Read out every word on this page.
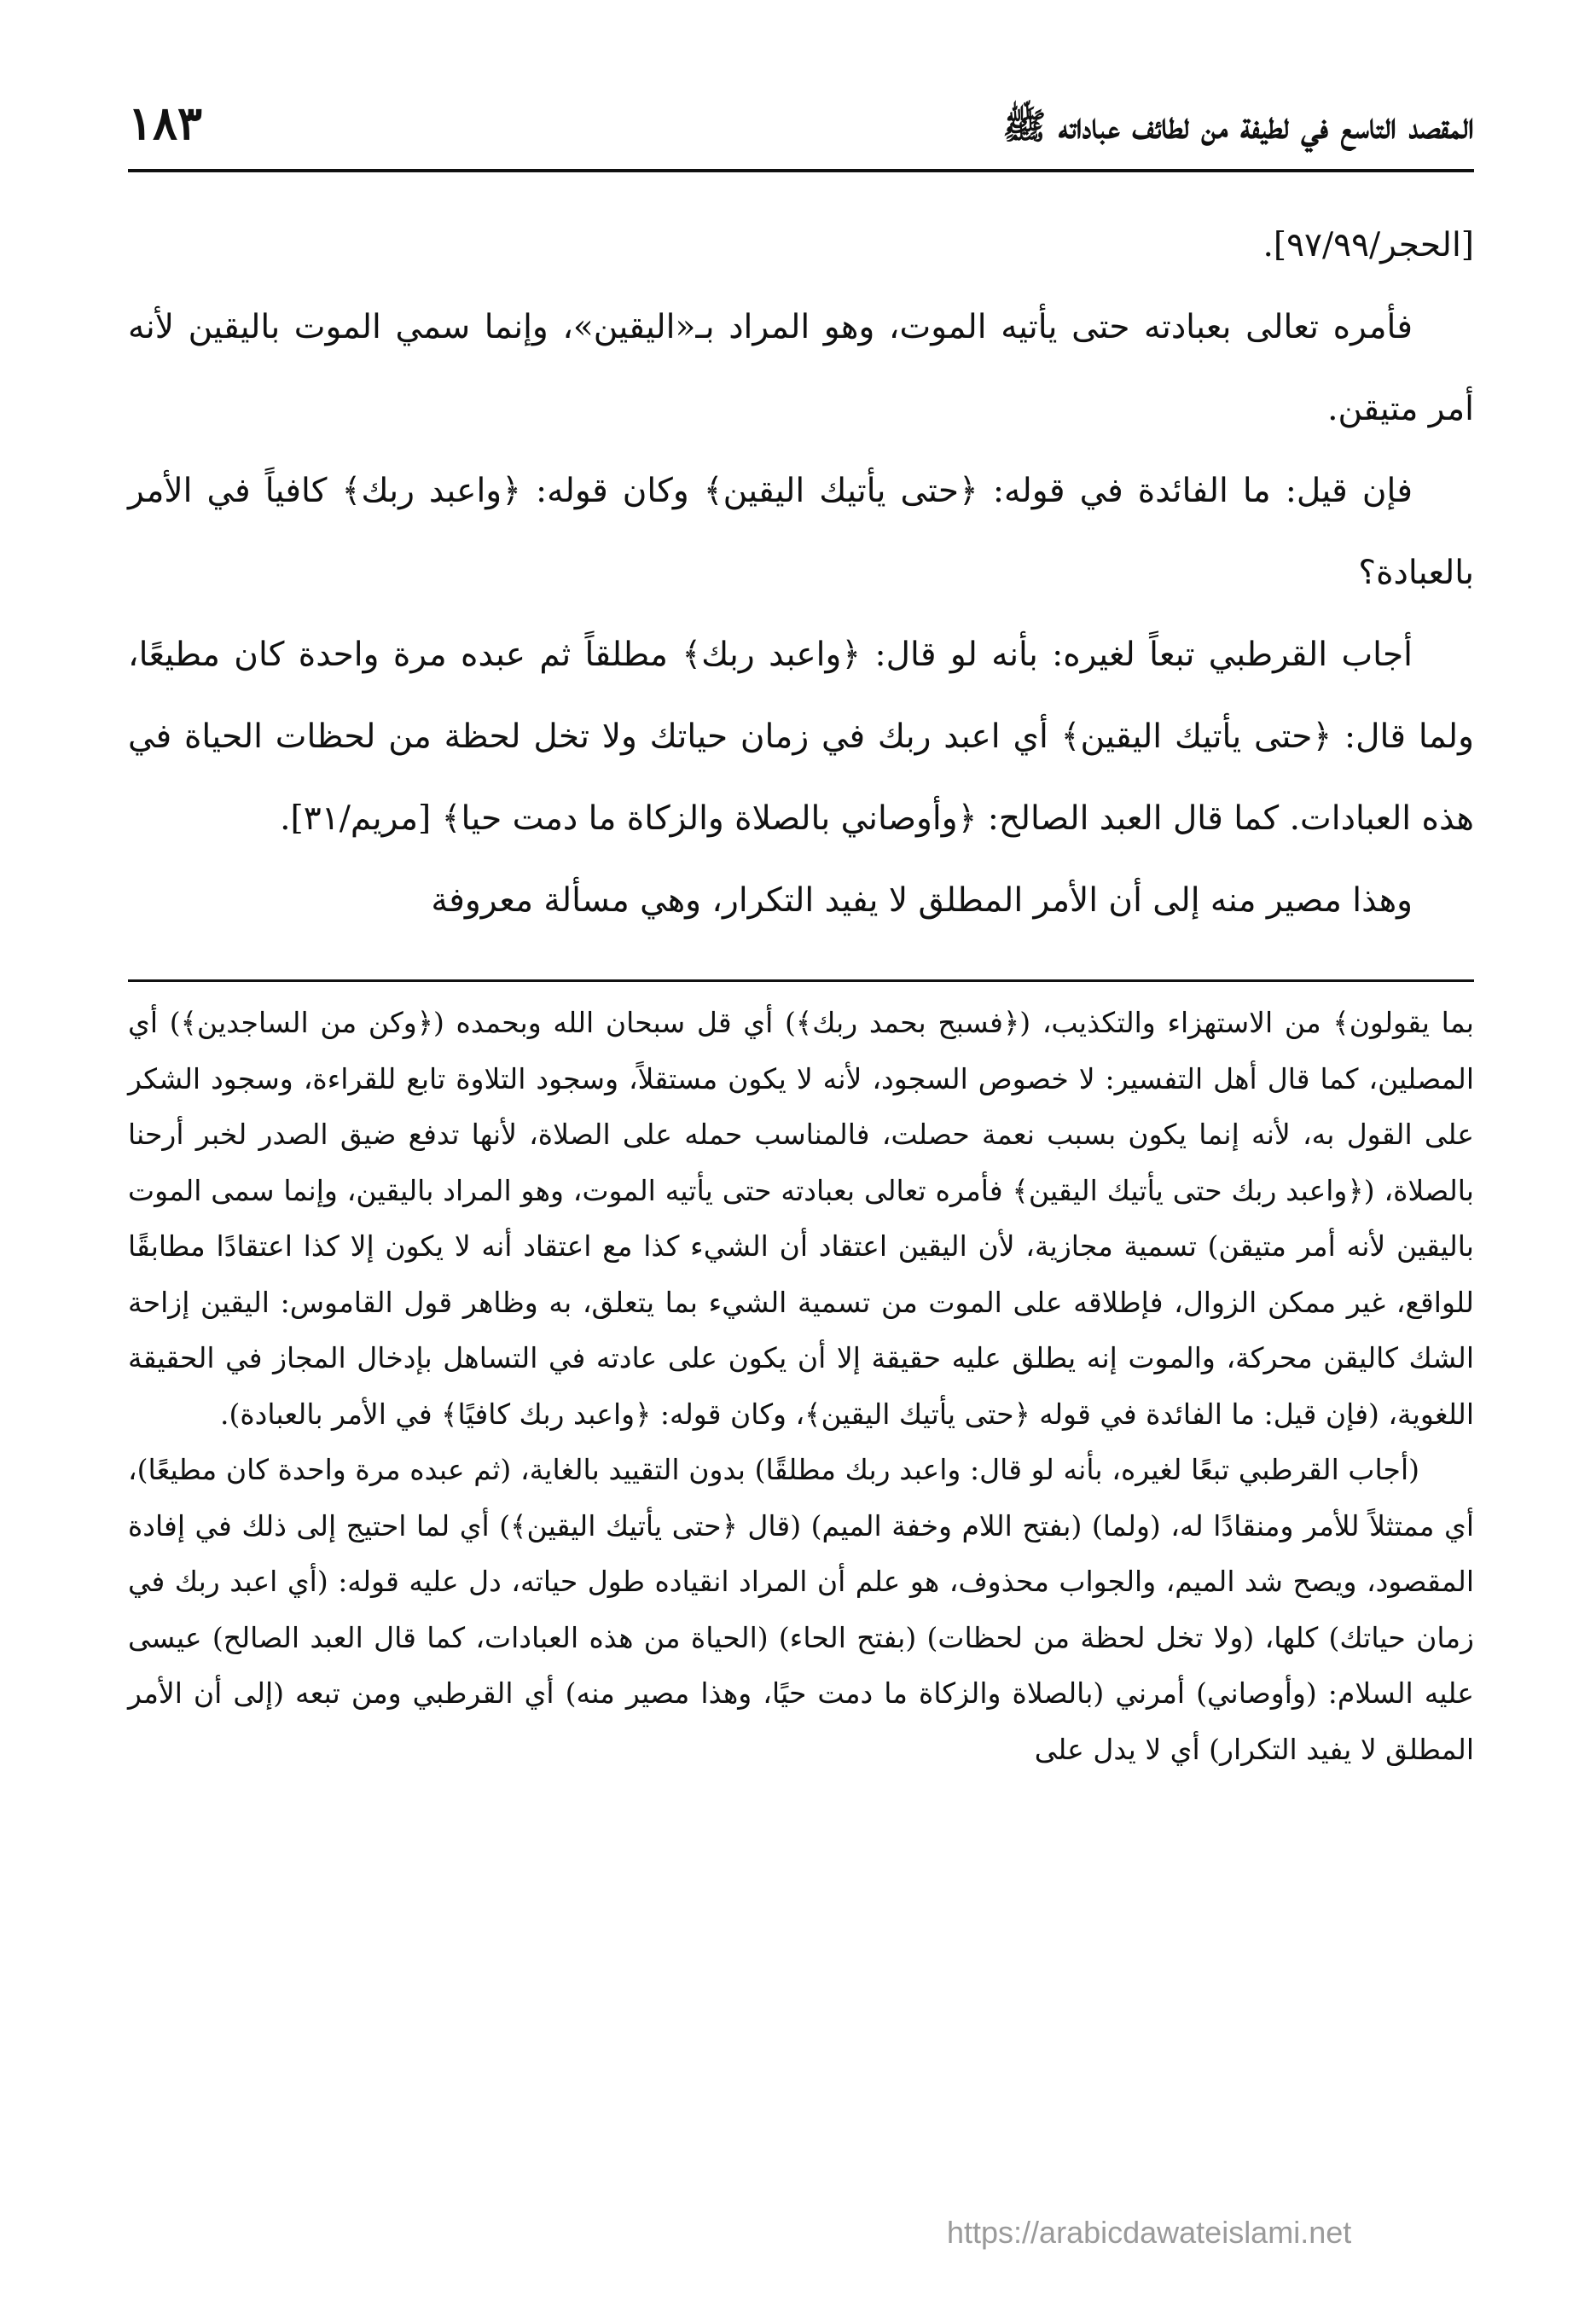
١٨٣	المقصد التاسع في لطيفة من لطائف عباداته ﷺ

[الحجر/٩٧/٩٩].

فأمره تعالى بعبادته حتى يأتيه الموت، وهو المراد بـ«اليقين»، وإنما سمي الموت باليقين لأنه أمر متيقن.

فإن قيل: ما الفائدة في قوله: ﴿حتى يأتيك اليقين﴾ وكان قوله: ﴿واعبد ربك﴾ كافياً في الأمر بالعبادة؟

أجاب القرطبي تبعاً لغيره: بأنه لو قال: ﴿واعبد ربك﴾ مطلقاً ثم عبده مرة واحدة كان مطيعًا، ولما قال: ﴿حتى يأتيك اليقين﴾ أي اعبد ربك في زمان حياتك ولا تخل لحظة من لحظات الحياة في هذه العبادات. كما قال العبد الصالح: ﴿وأوصاني بالصلاة والزكاة ما دمت حيا﴾ [مريم/٣١].

وهذا مصير منه إلى أن الأمر المطلق لا يفيد التكرار، وهي مسألة معروفة

بما يقولون﴾ من الاستهزاء والتكذيب، (﴿فسبح بحمد ربك﴾) أي قل سبحان الله وبحمده (﴿وكن من الساجدين﴾) أي المصلين، كما قال أهل التفسير: لا خصوص السجود، لأنه لا يكون مستقلاً، وسجود التلاوة تابع للقراءة، وسجود الشكر على القول به، لأنه إنما يكون بسبب نعمة حصلت، فالمناسب حمله على الصلاة، لأنها تدفع ضيق الصدر لخبر أرحنا بالصلاة، (﴿واعبد ربك حتى يأتيك اليقين﴾ فأمره تعالى بعبادته حتى يأتيه الموت، وهو المراد باليقين، وإنما سمى الموت باليقين لأنه أمر متيقن) تسمية مجازية، لأن اليقين اعتقاد أن الشيء كذا مع اعتقاد أنه لا يكون إلا كذا اعتقادًا مطابقًا للواقع، غير ممكن الزوال، فإطلاقه على الموت من تسمية الشيء بما يتعلق، به وظاهر قول القاموس: اليقين إزاحة الشك كاليقن محركة، والموت إنه يطلق عليه حقيقة إلا أن يكون على عادته في التساهل بإدخال المجاز في الحقيقة اللغوية، (فإن قيل: ما الفائدة في قوله ﴿حتى يأتيك اليقين﴾، وكان قوله: ﴿واعبد ربك كافيًا﴾ في الأمر بالعبادة).

(أجاب القرطبي تبعًا لغيره، بأنه لو قال: واعبد ربك مطلقًا) بدون التقييد بالغاية، (ثم عبده مرة واحدة كان مطيعًا)، أي ممتثلاً للأمر ومنقادًا له، (ولما) (بفتح اللام وخفة الميم) (قال ﴿حتى يأتيك اليقين﴾) أي لما احتيج إلى ذلك في إفادة المقصود، ويصح شد الميم، والجواب محذوف، هو علم أن المراد انقياده طول حياته، دل عليه قوله: (أي اعبد ربك في زمان حياتك) كلها، (ولا تخل لحظة من لحظات) (بفتح الحاء) (الحياة من هذه العبادات، كما قال العبد الصالح) عيسى عليه السلام: (وأوصاني) أمرني (بالصلاة والزكاة ما دمت حيًا، وهذا مصير منه) أي القرطبي ومن تبعه (إلى أن الأمر المطلق لا يفيد التكرار) أي لا يدل على

https://arabicdawateislami.net
